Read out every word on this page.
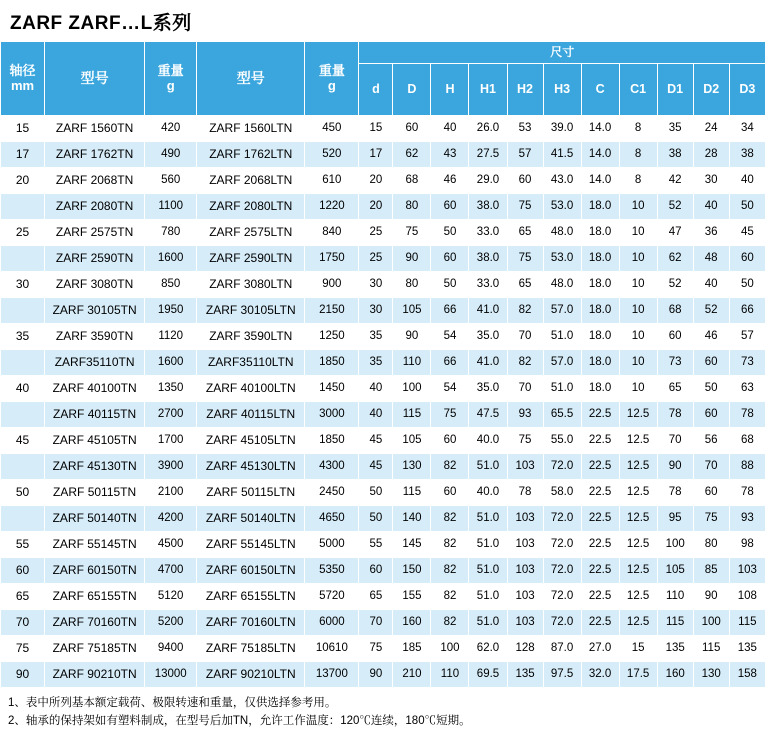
ZARF ZARF…L系列
轴径
mm	型号	
重量
g	型号	
重量
g
	尺寸
					d	D	H	H1	H2	H3	C	C1	D1	D2	D3
15	ZARF 1560TN	420	ZARF 1560LTN	450	15	60	40	26.0	53	39.0	14.0	8	35	24	34
17	ZARF 1762TN	490	ZARF 1762LTN	520	17	62	43	27.5	57	41.5	14.0	8	38	28	38
20	ZARF 2068TN	560	ZARF 2068LTN	610	20	68	46	29.0	60	43.0	14.0	8	42	30	40
	ZARF 2080TN	1100	ZARF 2080LTN	1220	20	80	60	38.0	75	53.0	18.0	10	52	40	50
25	ZARF 2575TN	780	ZARF 2575LTN	840	25	75	50	33.0	65	48.0	18.0	10	47	36	45
	ZARF 2590TN	1600	ZARF 2590LTN	1750	25	90	60	38.0	75	53.0	18.0	10	62	48	60
30	ZARF 3080TN	850	ZARF 3080LTN	900	30	80	50	33.0	65	48.0	18.0	10	52	40	50
	ZARF 30105TN	1950	ZARF 30105LTN	2150	30	105	66	41.0	82	57.0	18.0	10	68	52	66
35	ZARF 3590TN	1120	ZARF 3590LTN	1250	35	90	54	35.0	70	51.0	18.0	10	60	46	57
	ZARF35110TN	1600	ZARF35110LTN	1850	35	110	66	41.0	82	57.0	18.0	10	73	60	73
40	ZARF 40100TN	1350	ZARF 40100LTN	1450	40	100	54	35.0	70	51.0	18.0	10	65	50	63
	ZARF 40115TN	2700	ZARF 40115LTN	3000	40	115	75	47.5	93	65.5	22.5	12.5	78	60	78
45	ZARF 45105TN	1700	ZARF 45105LTN	1850	45	105	60	40.0	75	55.0	22.5	12.5	70	56	68
	ZARF 45130TN	3900	ZARF 45130LTN	4300	45	130	82	51.0	103	72.0	22.5	12.5	90	70	88
50	ZARF 50115TN	2100	ZARF 50115LTN	2450	50	115	60	40.0	78	58.0	22.5	12.5	78	60	78
	ZARF 50140TN	4200	ZARF 50140LTN	4650	50	140	82	51.0	103	72.0	22.5	12.5	95	75	93
55	ZARF 55145TN	4500	ZARF 55145LTN	5000	55	145	82	51.0	103	72.0	22.5	12.5	100	80	98
60	ZARF 60150TN	4700	ZARF 60150LTN	5350	60	150	82	51.0	103	72.0	22.5	12.5	105	85	103
65	ZARF 65155TN	5120	ZARF 65155LTN	5720	65	155	82	51.0	103	72.0	22.5	12.5	110	90	108
70	ZARF 70160TN	5200	ZARF 70160LTN	6000	70	160	82	51.0	103	72.0	22.5	12.5	115	100	115
75	ZARF 75185TN	9400	ZARF 75185LTN	10610	75	185	100	62.0	128	87.0	27.0	15	135	115	135
90	ZARF 90210TN	13000	ZARF 90210LTN	13700	90	210	110	69.5	135	97.5	32.0	17.5	160	130	158
1、表中所列基本额定载荷、极限转速和重量，仅供选择参考用。
2、轴承的保持架如有塑料制成，在型号后加TN，允许工作温度：120℃连续，180℃短期。
